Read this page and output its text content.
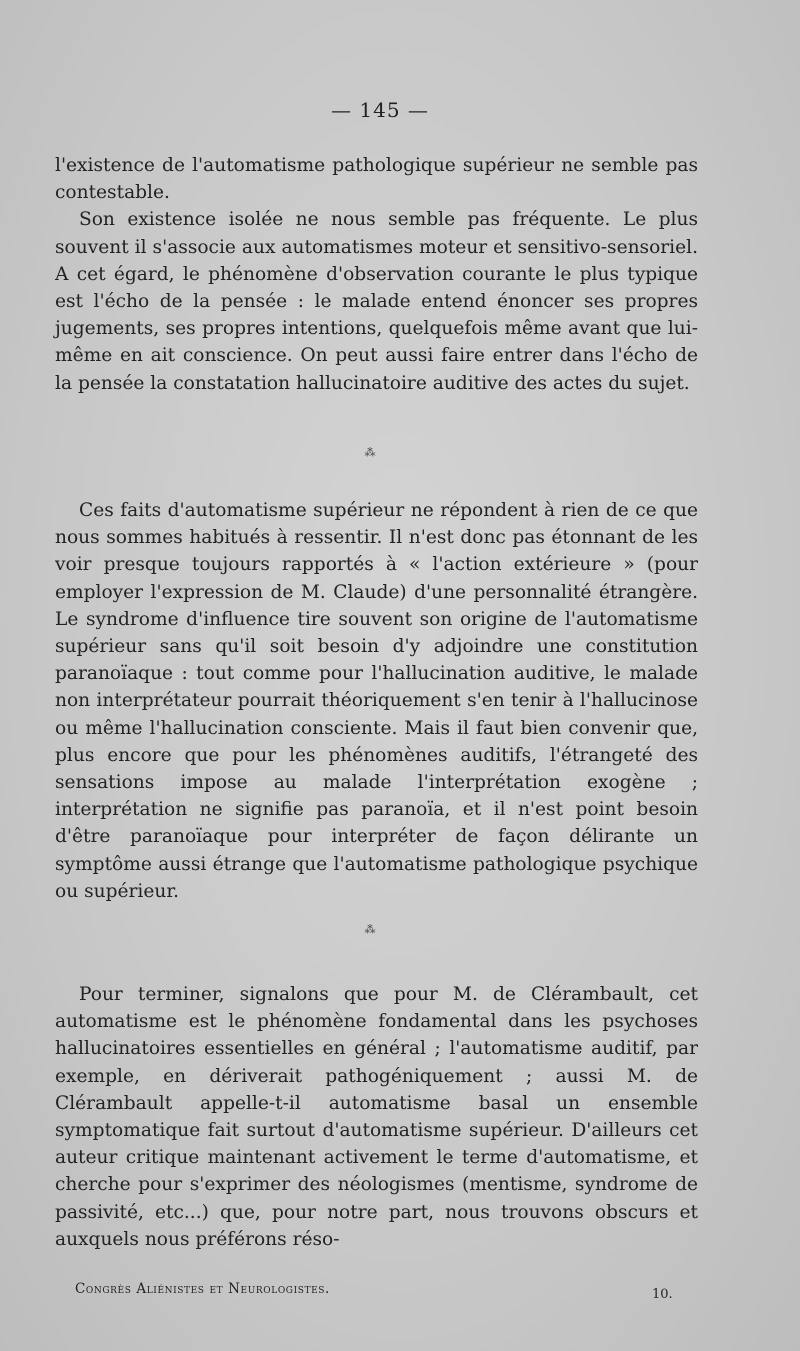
— 145 —

l'existence de l'automatisme pathologique supérieur ne semble pas contestable.

Son existence isolée ne nous semble pas fréquente. Le plus souvent il s'associe aux automatismes moteur et sensitivo-sensoriel. A cet égard, le phénomène d'observation courante le plus typique est l'écho de la pensée : le malade entend énoncer ses propres jugements, ses propres intentions, quelquefois même avant que lui-même en ait conscience. On peut aussi faire entrer dans l'écho de la pensée la constatation hallucinatoire auditive des actes du sujet.

⁂

Ces faits d'automatisme supérieur ne répondent à rien de ce que nous sommes habitués à ressentir. Il n'est donc pas étonnant de les voir presque toujours rapportés à « l'action extérieure » (pour employer l'expression de M. Claude) d'une personnalité étrangère. Le syndrome d'influence tire souvent son origine de l'automatisme supérieur sans qu'il soit besoin d'y adjoindre une constitution paranoïaque : tout comme pour l'hallucination auditive, le malade non interprétateur pourrait théoriquement s'en tenir à l'hallucinose ou même l'hallucination consciente. Mais il faut bien convenir que, plus encore que pour les phénomènes auditifs, l'étrangeté des sensations impose au malade l'interprétation exogène ; interprétation ne signifie pas paranoïa, et il n'est point besoin d'être paranoïaque pour interpréter de façon délirante un symptôme aussi étrange que l'automatisme pathologique psychique ou supérieur.

⁂

Pour terminer, signalons que pour M. de Clérambault, cet automatisme est le phénomène fondamental dans les psychoses hallucinatoires essentielles en général ; l'automatisme auditif, par exemple, en dériverait pathogéniquement ; aussi M. de Clérambault appelle-t-il automatisme basal un ensemble symptomatique fait surtout d'automatisme supérieur. D'ailleurs cet auteur critique maintenant activement le terme d'automatisme, et cherche pour s'exprimer des néologismes (mentisme, syndrome de passivité, etc...) que, pour notre part, nous trouvons obscurs et auxquels nous préférons réso-

Congrès Aliénistes et Neurologistes.	10.
